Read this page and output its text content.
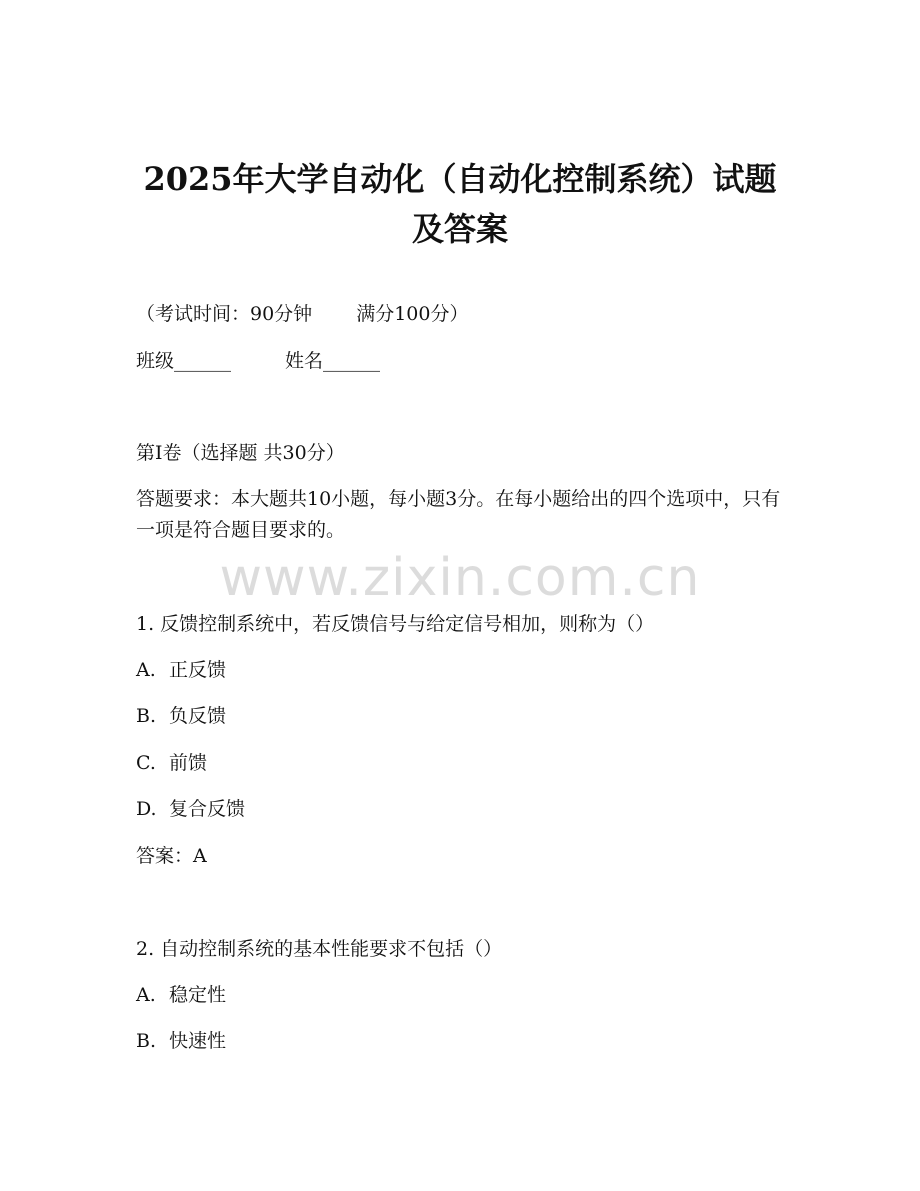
2025年大学自动化（自动化控制系统）试题
及答案

（考试时间：90分钟 满分100分）

班级______	姓名______

第Ⅰ卷（选择题 共30分）

答题要求：本大题共10小题，每小题3分。在每小题给出的四个选项中，只有一项是符合题目要求的。

www.zixin.com.cn

1. 反馈控制系统中，若反馈信号与给定信号相加，则称为（）

A. 正反馈

B. 负反馈

C. 前馈

D. 复合反馈

答案：A

2. 自动控制系统的基本性能要求不包括（）

A. 稳定性

B. 快速性
